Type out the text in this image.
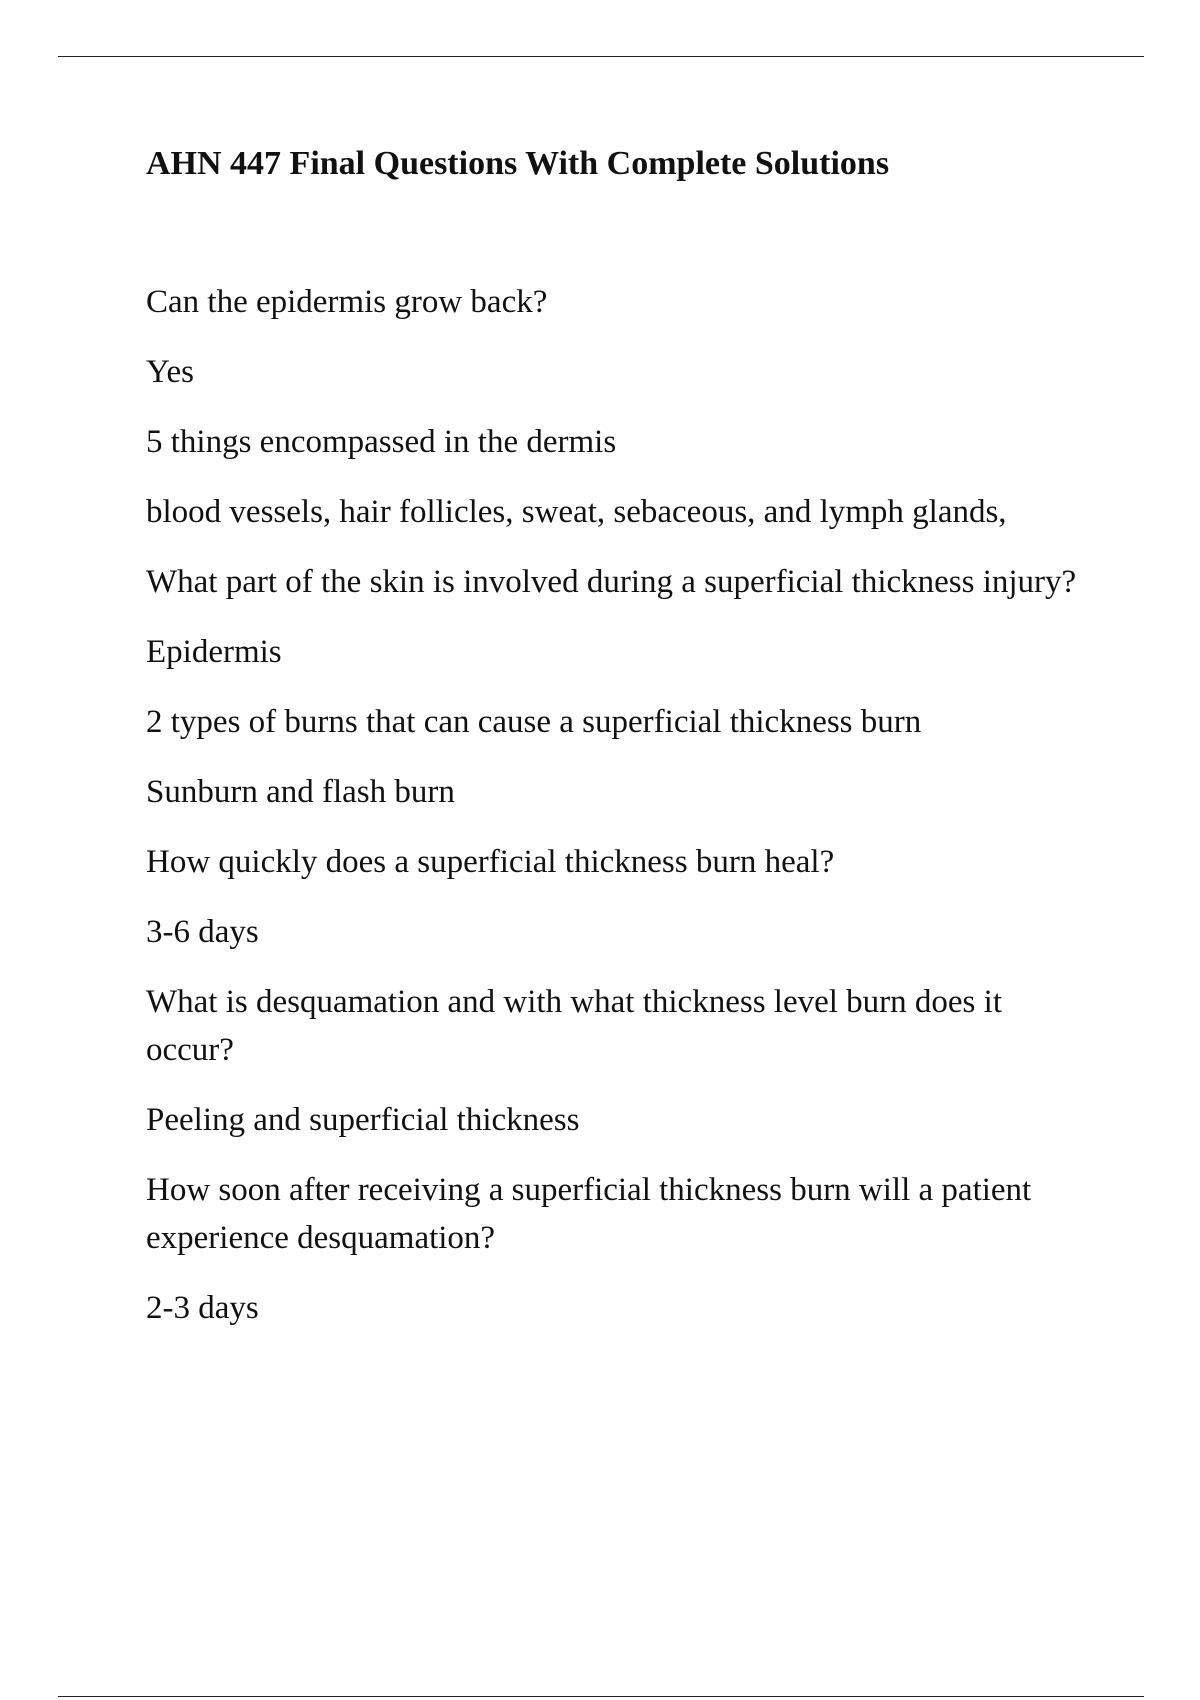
AHN 447 Final Questions With Complete Solutions

Can the epidermis grow back?

Yes

5 things encompassed in the dermis

blood vessels, hair follicles, sweat, sebaceous, and lymph glands,

What part of the skin is involved during a superficial thickness injury?

Epidermis

2 types of burns that can cause a superficial thickness burn

Sunburn and flash burn

How quickly does a superficial thickness burn heal?

3-6 days

What is desquamation and with what thickness level burn does it occur?

Peeling and superficial thickness

How soon after receiving a superficial thickness burn will a patient experience desquamation?

2-3 days
